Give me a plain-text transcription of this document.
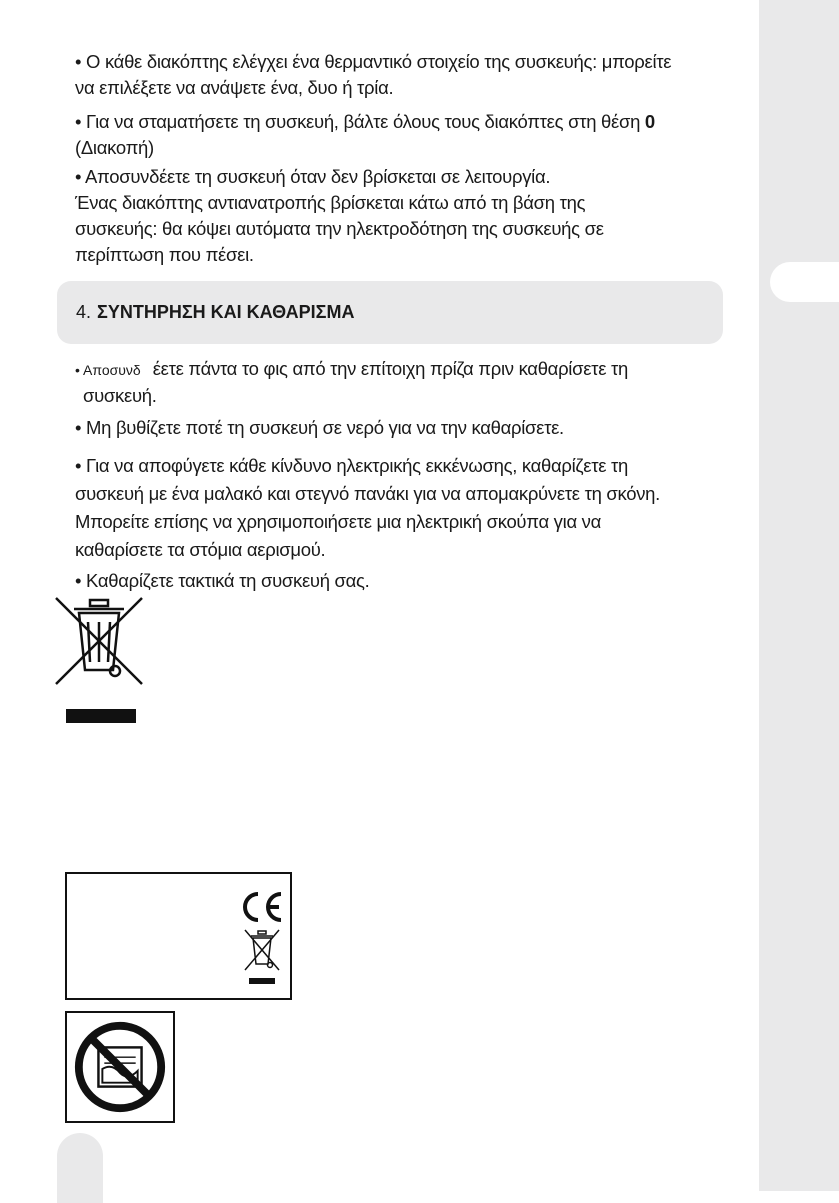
• Ο κάθε διακόπτης ελέγχει ένα θερμαντικό στοιχείο της συσκευής: μπορείτε
να επιλέξετε να ανάψετε ένα, δυο ή τρία.

• Για να σταματήσετε τη συσκευή, βάλτε όλους τους διακόπτες στη θέση 0
(Διακοπή)

• Αποσυνδέετε τη συσκευή όταν δεν βρίσκεται σε λειτουργία.
Ένας διακόπτης αντιανατροπής βρίσκεται κάτω από τη βάση της
συσκευής: θα κόψει αυτόματα την ηλεκτροδότηση της συσκευής σε
περίπτωση που πέσει.

4. ΣΥΝΤΗΡΗΣΗ ΚΑΙ ΚΑΘΑΡΙΣΜΑ

• Αποσυνδ έετε πάντα το φις από την επίτοιχη πρίζα πριν καθαρίσετε τη
συσκευή.

• Μη βυθίζετε ποτέ τη συσκευή σε νερό για να την καθαρίσετε.

• Για να αποφύγετε κάθε κίνδυνο ηλεκτρικής εκκένωσης, καθαρίζετε τη
συσκευή με ένα μαλακό και στεγνό πανάκι για να απομακρύνετε τη σκόνη.
Μπορείτε επίσης να χρησιμοποιήσετε μια ηλεκτρική σκούπα για να
καθαρίσετε τα στόμια αερισμού.

• Καθαρίζετε τακτικά τη συσκευή σας.
